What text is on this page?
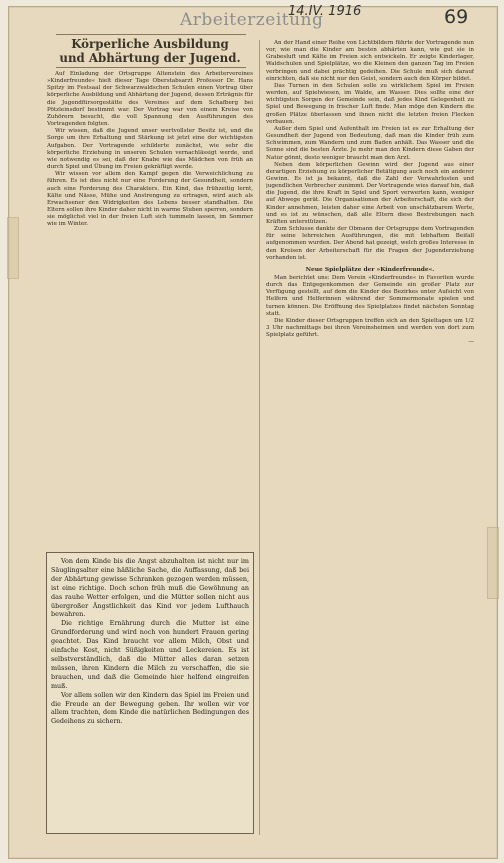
Arbeiterzeitung
14.IV. 1916	69
Körperliche Ausbildung und Abhärtung der Jugend.

Auf Einladung der Ortsgruppe Altenstein des Arbeitervereines »Kinderfreunde« hielt dieser Tage Oberstabsarzt Professor Dr. Hans Spitzy im Festsaal der Schwarzwaldschen Schulen einen Vortrag über körperliche Ausbildung und Abhärtung der Jugend, dessen Erträgnis für die Jugendfürsorgestätte des Vereines auf dem Schafberg bei Pötzleinsdorf bestimmt war. Der Vortrag war von einem Kreise von Zuhörern besucht, die voll Spannung den Ausführungen des Vortragenden folgten.

Wir wissen, daß die Jugend unser wertvollster Besitz ist, und die Sorge um ihre Erhaltung und Stärkung ist jetzt eine der wichtigsten Aufgaben. Der Vortragende schilderte zunächst, wie sehr die körperliche Erziehung in unseren Schulen vernachlässigt werde, und wie notwendig es sei, daß der Knabe wie das Mädchen von früh an durch Spiel und Übung im Freien gekräftigt werde.

Wir wissen vor allem den Kampf gegen die Verweichlichung zu führen. Es ist dies nicht nur eine Forderung der Gesundheit, sondern auch eine Forderung des Charakters. Ein Kind, das frühzeitig lernt, Kälte und Nässe, Mühe und Anstrengung zu ertragen, wird auch als Erwachsener den Widrigkeiten des Lebens besser standhalten. Die Eltern sollen ihre Kinder daher nicht in warme Stuben sperren, sondern sie möglichst viel in der freien Luft sich tummeln lassen, im Sommer wie im Winter.

Von dem Kinde bis die Angst abzuhalten ist nicht nur im Säuglingsalter eine häßliche Sache, die Auffassung, daß bei der Abhärtung gewisse Schranken gezogen werden müssen, ist eine richtige. Doch schon früh muß die Gewöhnung an das rauhe Wetter erfolgen, und die Mütter sollen nicht aus übergroßer Ängstlichkeit das Kind vor jedem Lufthauch bewahren.

Die richtige Ernährung durch die Mutter ist eine Grundforderung und wird noch von hundert Frauen gering geachtet. Das Kind braucht vor allem Milch, Obst und einfache Kost, nicht Süßigkeiten und Leckereien. Es ist selbstverständlich, daß die Mütter alles daran setzen müssen, ihren Kindern die Milch zu verschaffen, die sie brauchen, und daß die Gemeinde hier helfend eingreifen muß.

Vor allem sollen wir den Kindern das Spiel im Freien und die Freude an der Bewegung geben. Ihr wollen wir vor allem trachten, dem Kinde die natürlichen Bedingungen des Gedeihens zu sichern.

An der Hand einer Reihe von Lichtbildern führte der Vortragende nun vor, wie man die Kinder am besten abhärten kann, wie gut sie in Grabesluft und Kälte im Freien sich entwickeln. Er zeigte Kinderlager, Waldschulen und Spielplätze, wo die Kleinen den ganzen Tag im Freien verbringen und dabei prächtig gedeihen. Die Schule muß sich darauf einrichten, daß sie nicht nur den Geist, sondern auch den Körper bildet.

Das Turnen in den Schulen solle zu wirklichem Spiel im Freien werden, auf Spielwiesen, im Walde, am Wasser. Dies sollte eine der wichtigsten Sorgen der Gemeinde sein, daß jedes Kind Gelegenheit zu Spiel und Bewegung in frischer Luft finde. Man möge den Kindern die großen Plätze überlassen und ihnen nicht die letzten freien Flecken verbauen.

Außer dem Spiel und Aufenthalt im Freien ist es zur Erhaltung der Gesundheit der Jugend von Bedeutung, daß man die Kinder früh zum Schwimmen, zum Wandern und zum Baden anhält. Das Wasser und die Sonne sind die besten Ärzte. Je mehr man den Kindern diese Gaben der Natur gönnt, desto weniger braucht man den Arzt.

Neben dem körperlichen Gewinn wird der Jugend aus einer derartigen Erziehung zu körperlicher Betätigung auch noch ein anderer Gewinn. Es ist ja bekannt, daß die Zahl der Verwahrlosten und jugendlichen Verbrecher zunimmt. Der Vortragende wies darauf hin, daß die Jugend, die ihre Kraft in Spiel und Sport verwerten kann, weniger auf Abwege gerät. Die Organisationen der Arbeiterschaft, die sich der Kinder annehmen, leisten daher eine Arbeit von unschätzbarem Werte, und es ist zu wünschen, daß alle Eltern diese Bestrebungen nach Kräften unterstützen.

Zum Schlusse dankte der Obmann der Ortsgruppe dem Vortragenden für seine lehrreichen Ausführungen, die mit lebhaftem Beifall aufgenommen wurden. Der Abend hat gezeigt, welch großes Interesse in den Kreisen der Arbeiterschaft für die Fragen der Jugenderziehung vorhanden ist.

Neue Spielplätze der »Kinderfreunde«.

Man berichtet uns: Dem Verein »Kinderfreunde« in Favoriten wurde durch das Entgegenkommen der Gemeinde ein großer Platz zur Verfügung gestellt, auf dem die Kinder des Bezirkes unter Aufsicht von Helfern und Helferinnen während der Sommermonate spielen und turnen können. Die Eröffnung des Spielplatzes findet nächsten Sonntag statt.

Die Kinder dieser Ortsgruppen treffen sich an den Spieltagen um 1/2 3 Uhr nachmittags bei ihren Vereinsheimen und werden von dort zum Spielplatz geführt.

—
